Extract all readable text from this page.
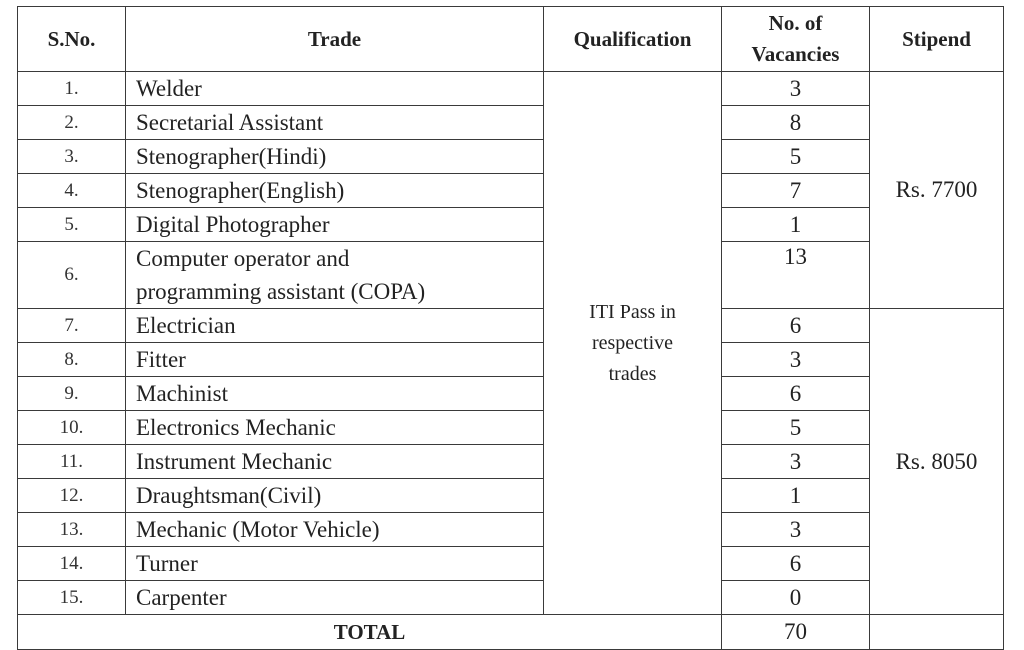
S.No.	Trade	Qualification	No. of
Vacancies	Stipend
1.	Welder	ITI Pass in
respective
trades	3	Rs. 7700
2.	Secretarial Assistant		8	
3.	Stenographer(Hindi)		5	
4.	Stenographer(English)		7	
5.	Digital Photographer		1	
6.	Computer operator and
programming assistant (COPA)		13	
7.	Electrician		6	Rs. 8050
8.	Fitter		3	
9.	Machinist		6	
10.	Electronics Mechanic		5	
11.	Instrument Mechanic		3	
12.	Draughtsman(Civil)		1	
13.	Mechanic (Motor Vehicle)		3	
14.	Turner		6	
15.	Carpenter		0	
TOTAL			70	
